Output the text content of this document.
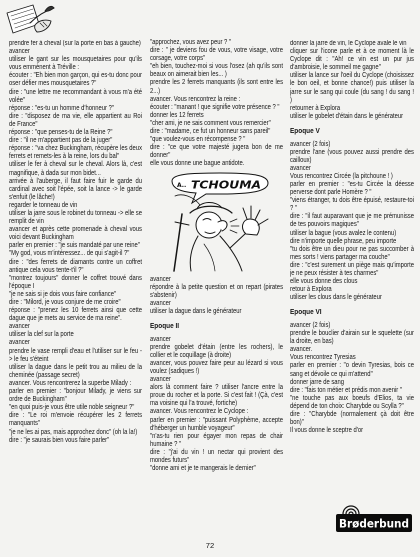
prendre fer à cheval (sur la porte en bas à gauche)

avancer

utiliser le gant sur les mousquetaires pour qu'ils vous emmènent à Tréville :

écouter : "Eh bien mon garçon, qui es-tu donc pour oser défier mes mousquetaires ?"

dire : "une lettre me recommandant à vous m'a été volée"

réponse : "es-tu un homme d'honneur ?"

dire : "disposez de ma vie, elle appartient au Roi de France"

réponse : "que penses-tu de la Reine ?"

dire : "il ne m'appartient pas de la juger"

réponse : "va chez Buckingham, récupère les deux ferrets et remets-les à la reine, lors du bal"

utiliser le fer à cheval sur le cheval. Alors là, c'est magnifique, à dada sur mon bidet...

arrivée à l'auberge, il faut faire fuir le garde du cardinal avec soit l'épée, soit la lance -> le garde s'enfuit (le lâche!)

regarder le tonneau de vin

utiliser la jarre sous le robinet du tonneau -> elle se remplit de vin

avancer et après cette promenade à cheval vous voici devant Buckingham

parler en premier : "je suis mandaté par une reine"

"My god, vous m'intéressez... de qui s'agit-il ?"

dire : "des ferrets de diamants contre un coffret antique cela vous tente-t'il ?"

"montrez toujours" donner le coffret trouvé dans l'époque I

"je ne sais si je dois vous faire confiance"

dire : "Milord, je vous conjure de me croire"

réponse : "prenez les 10 ferrets ainsi que cette dague que je mets au service de ma reine".

avancer

utiliser la clef sur la porte

avancer

prendre le vase rempli d'eau et l'utiliser sur le feu -> le feu s'éteint

utiliser la dague dans le petit trou au milieu de la cheminée (passage secret)

avancer. Vous rencontrerez la superbe Milady :

parler en premier : "bonjour Milady, je viens sur ordre de Buckingham"

"en quoi puis-je vous être utile noble seigneur ?"

dire : "Le roi m'envoie récupérer les 2 ferrets manquants"

"je ne les ai pas, mais approchez donc" (oh la la!)

dire : "je saurais bien vous faire parler"

"approchez, vous avez peur ? "

dire : " je deviens fou de vous, votre visage, votre corsage, votre corps"

"eh bien, touchez-moi si vous l'osez (ah qu'ils sont beaux on aimerait bien les... )

prendre les 2 ferrets manquants (ils sont entre les 2...)

avancer. Vous rencontrez la reine :

écouter : "manant ! que signifie votre présence ? "

donner les 12 ferrets

"cher ami, je ne sais comment vous remercier"

dire : "madame, ce fut un honneur sans pareil"

"que voulez-vous en récompense ? "

dire : "ce que votre majesté jugera bon de me donner"

elle vous donne une bague antidote.

A.. TCHOUMA

avancer

répondre à la petite question et on repart (pirates s'abstenir)

avancer

utiliser la dague dans le générateur

Epoque II

avancer

prendre gobelet d'étain (entre les rochers), le collier et le coquillage (à droite)

avancer, vous pouvez faire peur au lézard si vous voulez (sadiques !)

avancer

alors là comment faire ? utiliser l'ancre entre la proue du rocher et la porte. Si c'est fait ! (Çà, c'est ma voisine qui l'a trouvé, fortiche)

avancer. Vous rencontrez le Cyclope :

parler en premier : "puissant Polyphème, accepte d'héberger un humble voyageur"

"n'as-tu rien pour égayer mon repas de chair humaine ? "

dire : "j'ai du vin ! un nectar qui provient des mondes futurs"

"donne ami et je te mangerais le dernier"

donner la jarre de vin, le Cyclope avale le vin

cliquer sur l'icone parle et à ce moment là le Cyclope dit : "Ah! ce vin est un pur jus d'ambroisie, le sommeil me gagne"

utiliser la lance sur l'oeil du Cyclope (choisissez le bon oeil, et bonne chance!) puis utiliser la jarre sur le sang qui coule (du sang ! du sang ! )

retourner à Explora

utiliser le gobelet d'étain dans le générateur

Epoque V

avancer (2 fois)

prendre l'ane (vous pouvez aussi prendre des cailloux)

avancer

Vous rencontrez Circée (la pitchoune ! )

parler en premier : "es-tu Circée la déesse perverse dont parle Homère ? "

"viens étranger, tu dois être épuisé, restaure-toi ? "

dire : "il faut auparavant que je me prémunisse de tes pouvoirs magiques"

utiliser la bague (vous avalez le contenu)

dire n'importe quelle phrase, peu importe

"tu dois être un dieu pour ne pas succomber à mes sorts ! viens partager ma couche"

dire : "c'est surement un piège mais qu'importe je ne peux résister à tes charmes"

elle vous donne des clous

retour à Explora

utiliser les clous dans le générateur

Epoque VI

avancer (2 fois)

prendre le bouclier d'airain sur le squelette (sur la droite, en bas)

avancer.

Vous rencontrez Tyresias

parler en premier : "o devin Tyresias, bois ce sang et dévoile ce qui m'attend"

donner jarre de sang

dire : "fais ton métier et prédis mon avenir "

"ne touche pas aux boeufs d'Elios, ta vie dépend de ton choix: Charybde ou Scylla ?"

dire : "Charybde (normalement çà doit être bon)"

Il vous donne le sceptre d'or

Brøderbund
72
